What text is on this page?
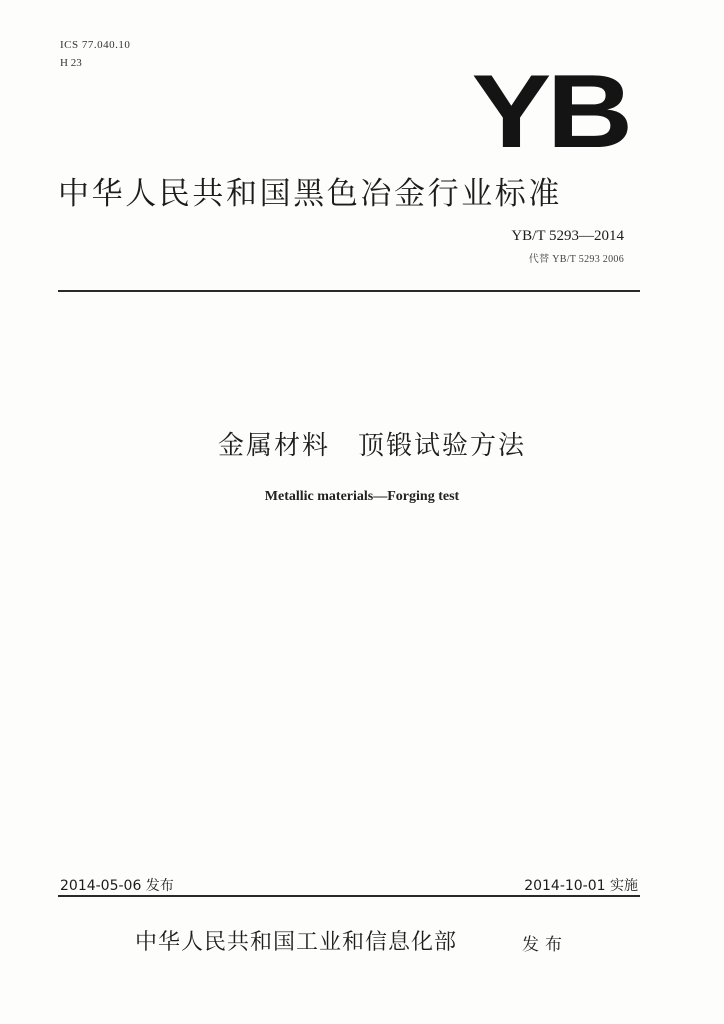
ICS 77.040.10
H 23	YB
中华人民共和国黑色冶金行业标准
YB/T 5293—2014
代替 YB/T 5293 2006
金属材料　顶锻试验方法
Metallic materials—Forging test
2014-05-06 发布	2014-10-01 实施
中华人民共和国工业和信息化部	发布
